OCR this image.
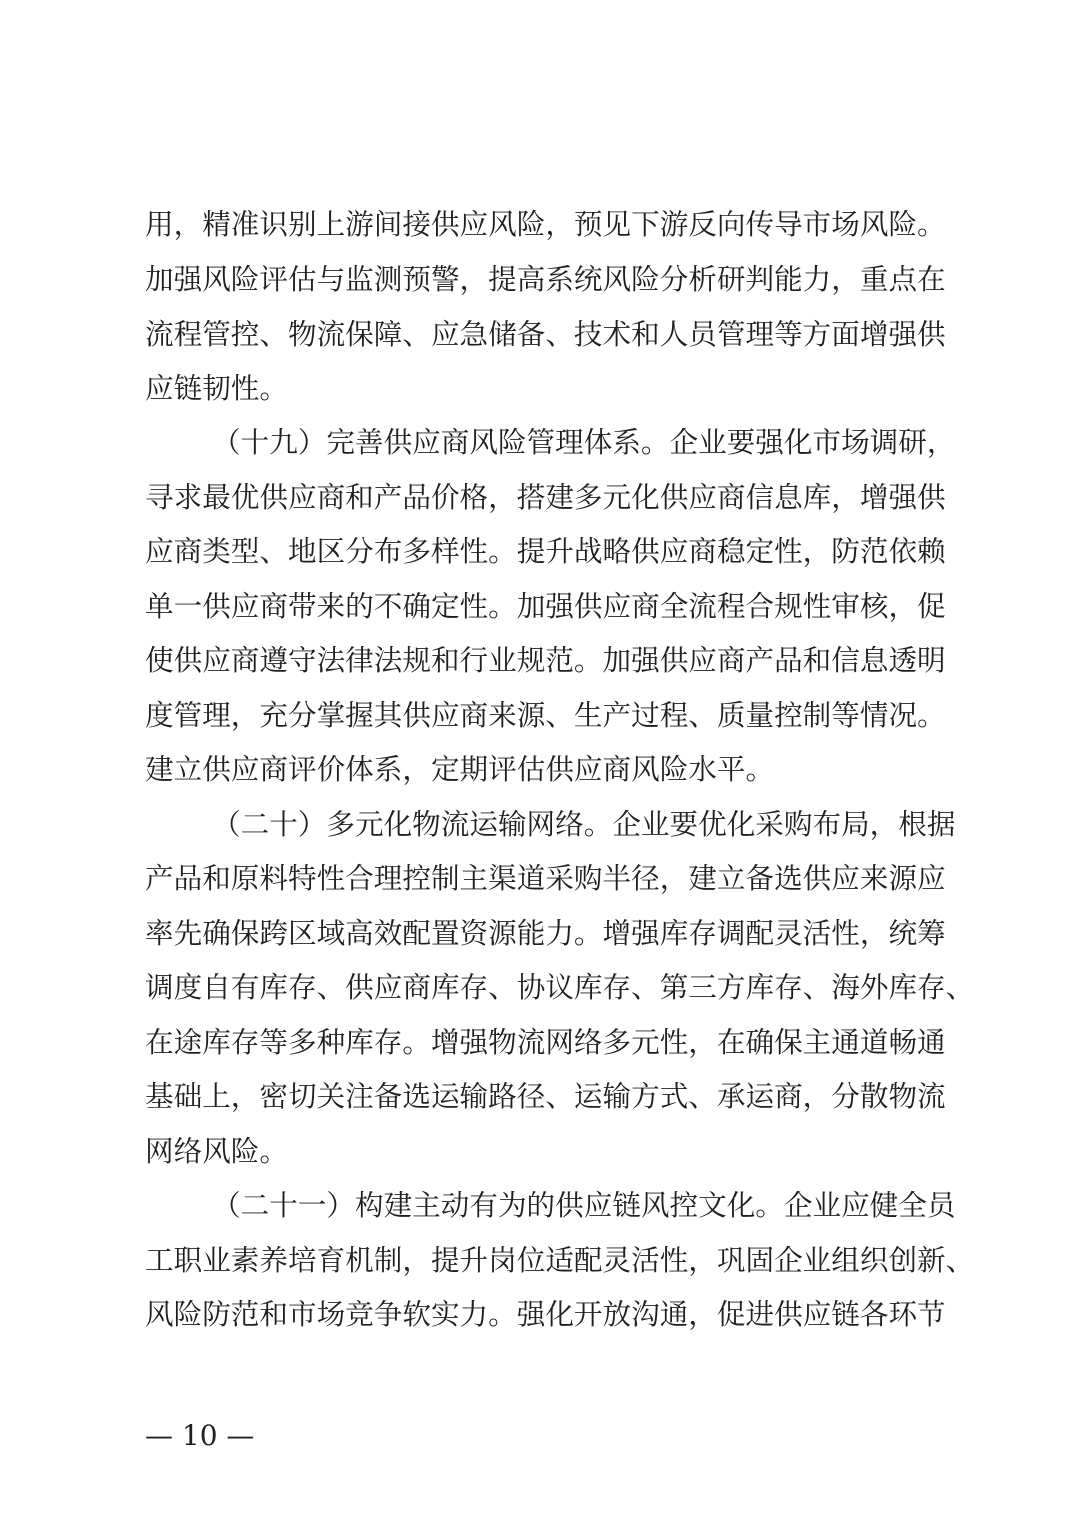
用，精准识别上游间接供应风险，预见下游反向传导市场风险。
加强风险评估与监测预警，提高系统风险分析研判能力，重点在
流程管控、物流保障、应急储备、技术和人员管理等方面增强供
应链韧性。
（十九）完善供应商风险管理体系。企业要强化市场调研，
寻求最优供应商和产品价格，搭建多元化供应商信息库，增强供
应商类型、地区分布多样性。提升战略供应商稳定性，防范依赖
单一供应商带来的不确定性。加强供应商全流程合规性审核，促
使供应商遵守法律法规和行业规范。加强供应商产品和信息透明
度管理，充分掌握其供应商来源、生产过程、质量控制等情况。
建立供应商评价体系，定期评估供应商风险水平。
（二十）多元化物流运输网络。企业要优化采购布局，根据
产品和原料特性合理控制主渠道采购半径，建立备选供应来源应
率先确保跨区域高效配置资源能力。增强库存调配灵活性，统筹
调度自有库存、供应商库存、协议库存、第三方库存、海外库存、
在途库存等多种库存。增强物流网络多元性，在确保主通道畅通
基础上，密切关注备选运输路径、运输方式、承运商，分散物流
网络风险。
（二十一）构建主动有为的供应链风控文化。企业应健全员
工职业素养培育机制，提升岗位适配灵活性，巩固企业组织创新、
风险防范和市场竞争软实力。强化开放沟通，促进供应链各环节
— 10 —
